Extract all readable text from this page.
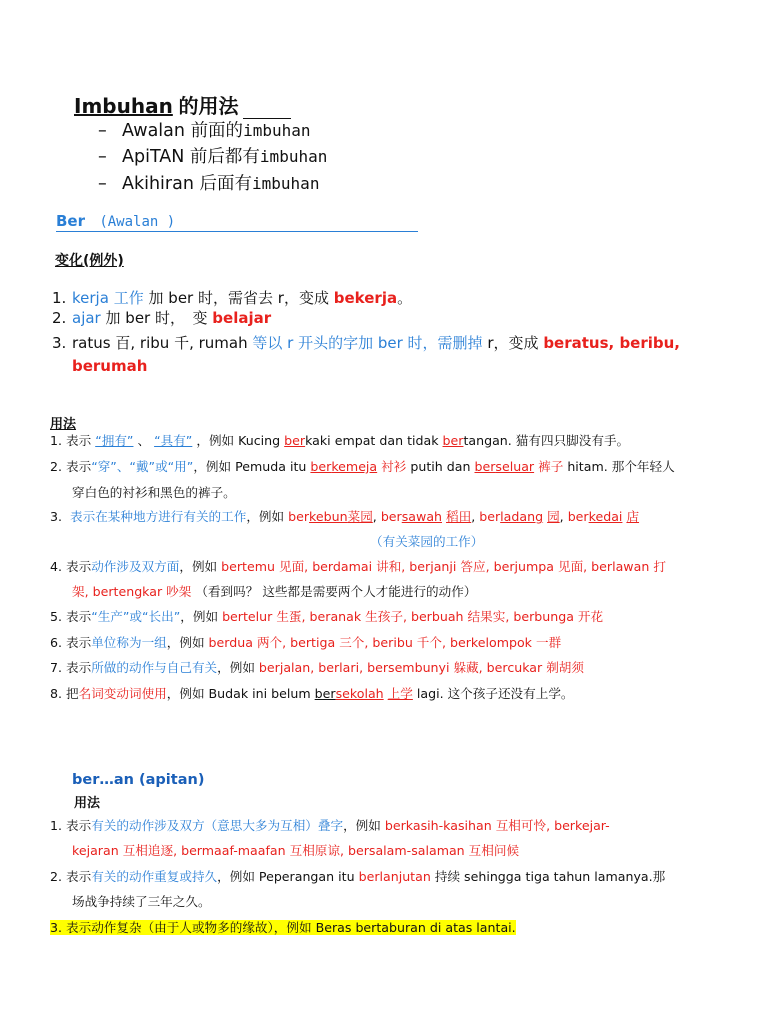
Imbuhan 的用法
– Awalan 前面的imbuhan
– ApiTAN 前后都有imbuhan
– Akihiran 后面有imbuhan
Ber (Awalan )
变化(例外)
1. kerja 工作 加 ber 时，需省去 r，变成 bekerja。
2. ajar 加 ber 时，　变 belajar
3. ratus 百, ribu 千, rumah 等以 r 开头的字加 ber 时，需删掉 r，变成 beratus, beribu,
berumah
用法
1. 表示 “拥有” 、 “具有” ，例如 Kucing berkaki empat dan tidak bertangan. 猫有四只脚没有手。
2. 表示“穿”、“戴”或“用”，例如 Pemuda itu berkemeja 衬衫 putih dan berseluar 裤子 hitam. 那个年轻人
穿白色的衬衫和黑色的裤子。
3. 表示在某种地方进行有关的工作，例如 berkebun菜园, bersawah 稻田, berladang 园, berkedai 店
（有关菜园的工作）
4. 表示动作涉及双方面，例如 bertemu 见面, berdamai 讲和, berjanji 答应, berjumpa 见面, berlawan 打
架, bertengkar 吵架 （看到吗？ 这些都是需要两个人才能进行的动作）
5. 表示“生产”或“长出”，例如 bertelur 生蛋, beranak 生孩子, berbuah 结果实, berbunga 开花
6. 表示单位称为一组，例如 berdua 两个, bertiga 三个, beribu 千个, berkelompok 一群
7. 表示所做的动作与自己有关，例如 berjalan, berlari, bersembunyi 躲藏, bercukar 剃胡须
8. 把名词变动词使用，例如 Budak ini belum bersekolah 上学 lagi. 这个孩子还没有上学。
ber…an (apitan)
用法
1. 表示有关的动作涉及双方（意思大多为互相）叠字，例如 berkasih-kasihan 互相可怜, berkejar-
kejaran 互相追逐, bermaaf-maafan 互相原谅, bersalam-salaman 互相问候
2. 表示有关的动作重复或持久，例如 Peperangan itu berlanjutan 持续 sehingga tiga tahun lamanya.那
场战争持续了三年之久。
3. 表示动作复杂（由于人或物多的缘故），例如 Beras bertaburan di atas lantai.
